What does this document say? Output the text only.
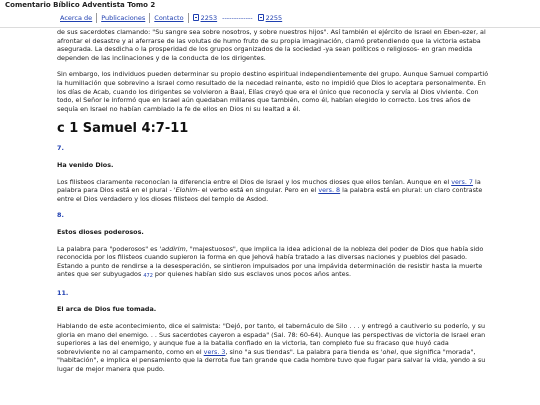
Comentario Bíblico Adventista Tomo 2
Acerca de	Publicaciones	Contacto	2253 -------------	2255

de sus sacerdotes clamando: "Su sangre sea sobre nosotros, y sobre nuestros hijos". Así también el ejército de Israel en Eben-ezer, al afrontar el desastre y al aferrarse de las volutas de humo fruto de su propia imaginación, clamó pretendiendo que la victoria estaba asegurada. La desdicha o la prosperidad de los grupos organizados de la sociedad -ya sean políticos o religiosos- en gran medida dependen de las inclinaciones y de la conducta de los dirigentes.

Sin embargo, los individuos pueden determinar su propio destino espiritual independientemente del grupo. Aunque Samuel compartió la humillación que sobrevino a Israel como resultado de la necedad reinante, esto no impidió que Dios lo aceptara personalmente. En los días de Acab, cuando los dirigentes se volvieron a Baal, Elías creyó que era el único que reconocía y servía al Dios viviente. Con todo, el Señor le informó que en Israel aún quedaban millares que también, como él, habían elegido lo correcto. Los tres años de sequía en Israel no habían cambiado la fe de ellos en Dios ni su lealtad a él.

c 1 Samuel 4:7-11
7.
Ha venido Dios.

Los filisteos claramente reconocían la diferencia entre el Dios de Israel y los muchos dioses que ellos tenían. Aunque en el vers. 7 la palabra para Dios está en el plural - 'Elohim- el verbo está en singular. Pero en el vers. 8 la palabra está en plural: un claro contraste entre el Dios verdadero y los dioses filisteos del templo de Asdod.

8.
Estos dioses poderosos.

La palabra para "poderosos" es 'addirim, "majestuosos", que implica la idea adicional de la nobleza del poder de Dios que había sido reconocida por los filisteos cuando supieron la forma en que Jehová había tratado a las diversas naciones y pueblos del pasado. Estando a punto de rendirse a la desesperación, se sintieron impulsados por una impávida determinación de resistir hasta la muerte antes que ser subyugados 472 por quienes habían sido sus esclavos unos pocos años antes.

11.
El arca de Dios fue tomada.

Hablando de este acontecimiento, dice el salmista: "Dejó, por tanto, el tabernáculo de Silo . . . y entregó a cautiverio su poderío, y su gloria en mano del enemigo. . . Sus sacerdotes cayeron a espada" (Sal. 78: 60-64). Aunque las perspectivas de victoria de Israel eran superiores a las del enemigo, y aunque fue a la batalla confiado en la victoria, tan completo fue su fracaso que huyó cada sobreviviente no al campamento, como en el vers. 3, sino "a sus tiendas". La palabra para tienda es 'ohel, que significa "morada", "habitación", e implica el pensamiento que la derrota fue tan grande que cada hombre tuvo que fugar para salvar la vida, yendo a su lugar de mejor manera que pudo.
